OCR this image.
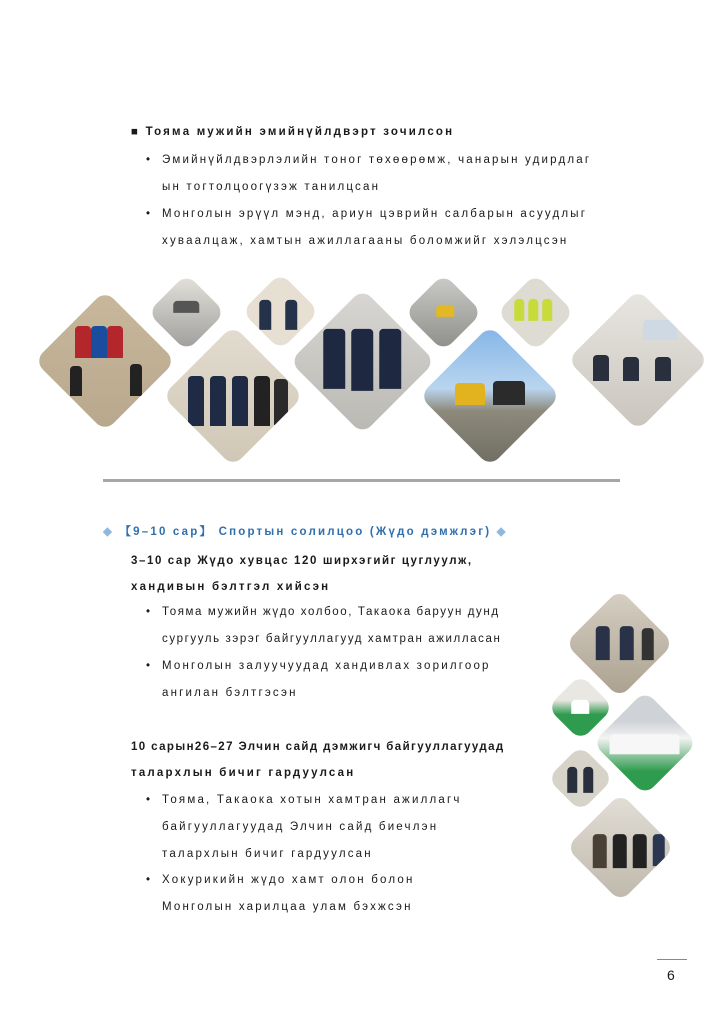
■ Тоямa мужийн эмийнүйлдвэрт зочилсон
• Эмийнүйлдвэрлэлийн тоног төхөөрөмж, чанарын удирдлаг
ын тогтолцоогүзэж танилцсан
• Монголын эрүүл мэнд, ариун цэврийн салбарын асуудлыг
хуваалцаж, хамтын ажиллагааны боломжийг хэлэлцсэн
◆ 【9–10 сар】 Спортын солилцоо (Жүдо дэмжлэг) ◆
3–10 сар Жүдо хувцас 120 ширхэгийг цуглуулж,
хандивын бэлтгэл хийсэн
• Тоямa мужийн жүдо холбоо, Такаока баруун дунд
сургууль зэрэг байгууллагууд хамтран ажилласан
• Монголын залуучуудад хандивлах зорилгоор
ангилан бэлтгэсэн
10 сарын26–27 Элчин сайд дэмжигч байгууллагуудад
талархлын бичиг гардуулсан
• Тояма, Такаока хотын хамтран ажиллагч
байгууллагуудад Элчин сайд биечлэн
талархлын бичиг гардуулсан
• Хокурикийн жүдо хамт олон болон
Монголын харилцаа улам бэхжсэн
6
